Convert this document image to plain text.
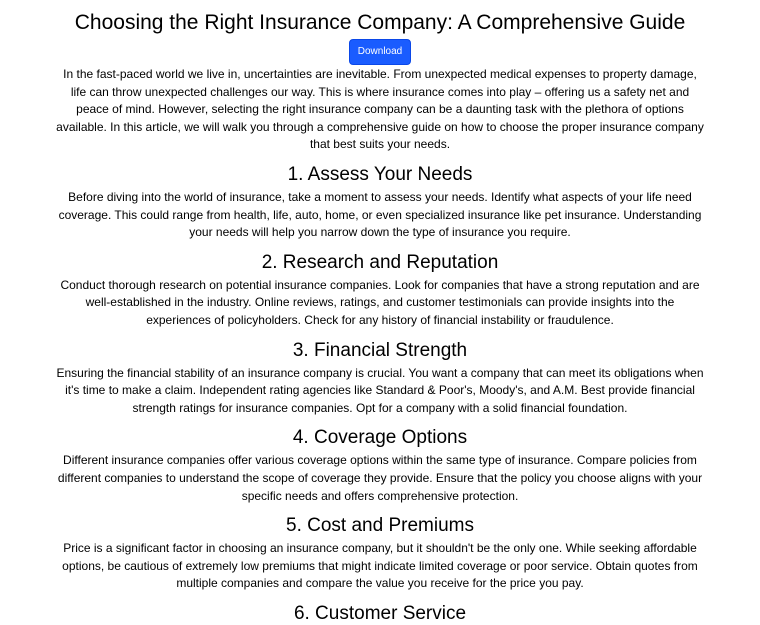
Choosing the Right Insurance Company: A Comprehensive Guide
Download

In the fast-paced world we live in, uncertainties are inevitable. From unexpected medical expenses to property damage, life can throw unexpected challenges our way. This is where insurance comes into play – offering us a safety net and peace of mind. However, selecting the right insurance company can be a daunting task with the plethora of options available. In this article, we will walk you through a comprehensive guide on how to choose the proper insurance company that best suits your needs.

1. Assess Your Needs

Before diving into the world of insurance, take a moment to assess your needs. Identify what aspects of your life need coverage. This could range from health, life, auto, home, or even specialized insurance like pet insurance. Understanding your needs will help you narrow down the type of insurance you require.

2. Research and Reputation

Conduct thorough research on potential insurance companies. Look for companies that have a strong reputation and are well-established in the industry. Online reviews, ratings, and customer testimonials can provide insights into the experiences of policyholders. Check for any history of financial instability or fraudulence.

3. Financial Strength

Ensuring the financial stability of an insurance company is crucial. You want a company that can meet its obligations when it's time to make a claim. Independent rating agencies like Standard & Poor's, Moody's, and A.M. Best provide financial strength ratings for insurance companies. Opt for a company with a solid financial foundation.

4. Coverage Options

Different insurance companies offer various coverage options within the same type of insurance. Compare policies from different companies to understand the scope of coverage they provide. Ensure that the policy you choose aligns with your specific needs and offers comprehensive protection.

5. Cost and Premiums

Price is a significant factor in choosing an insurance company, but it shouldn't be the only one. While seeking affordable options, be cautious of extremely low premiums that might indicate limited coverage or poor service. Obtain quotes from multiple companies and compare the value you receive for the price you pay.

6. Customer Service
